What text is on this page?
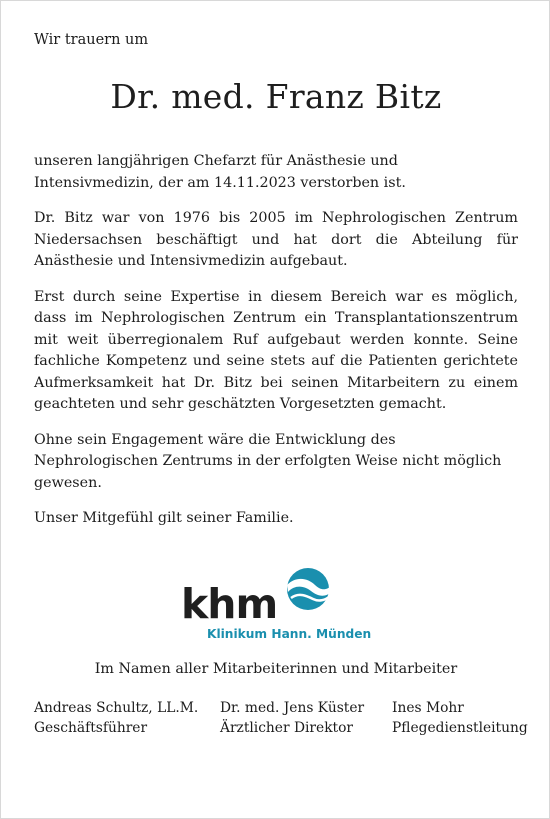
Wir trauern um
Dr. med. Franz Bitz

unseren langjährigen Chefarzt für Anästhesie und Intensivmedizin, der am 14.11.2023 verstorben ist.

Dr. Bitz war von 1976 bis 2005 im Nephrologischen Zentrum Niedersachsen beschäftigt und hat dort die Abteilung für Anästhesie und Intensivmedizin aufgebaut.

Erst durch seine Expertise in diesem Bereich war es möglich, dass im Nephrologischen Zentrum ein Transplantationszentrum mit weit überregionalem Ruf aufgebaut werden konnte. Seine fachliche Kompetenz und seine stets auf die Patienten gerichtete Aufmerksamkeit hat Dr. Bitz bei seinen Mitarbeitern zu einem geachteten und sehr geschätzten Vorgesetzten gemacht.

Ohne sein Engagement wäre die Entwicklung des Nephrologischen Zentrums in der erfolgten Weise nicht möglich gewesen.

Unser Mitgefühl gilt seiner Familie.

khm
Klinikum Hann. Münden
Im Namen aller Mitarbeiterinnen und Mitarbeiter
Andreas Schultz, LL.M.
Geschäftsführer
Dr. med. Jens Küster
Ärztlicher Direktor
Ines Mohr
Pflegedienstleitung
